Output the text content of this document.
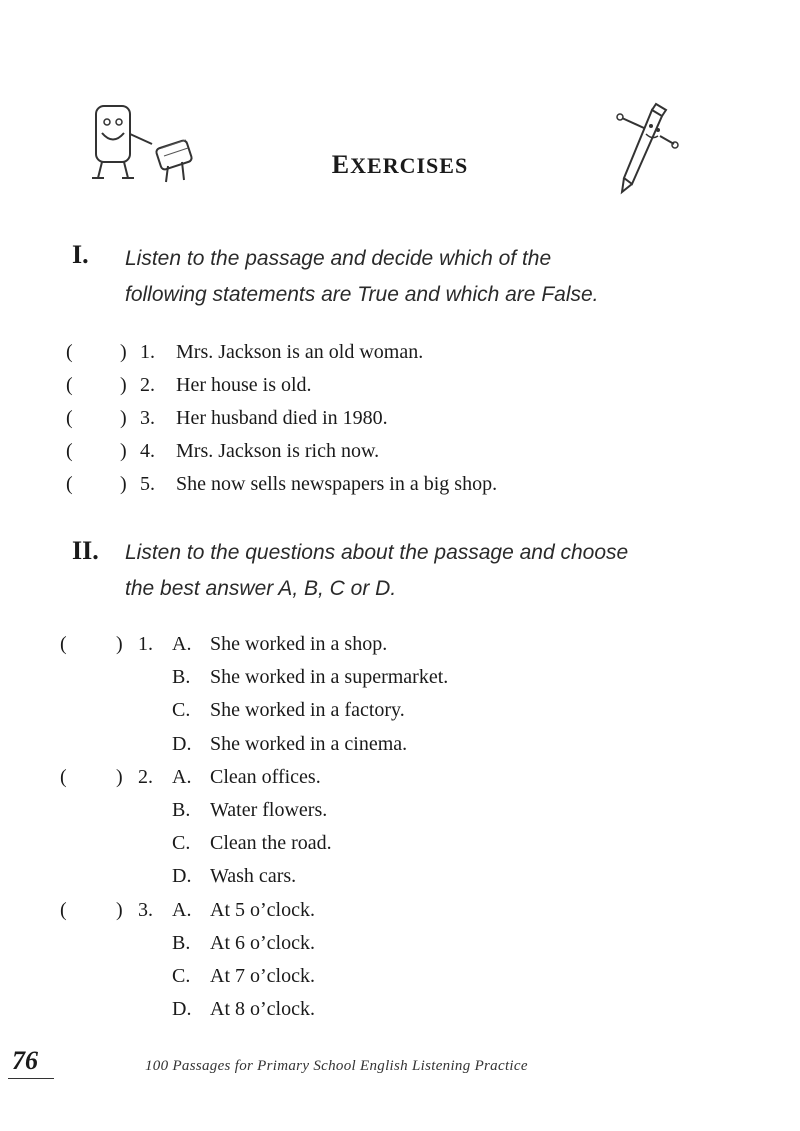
EXERCISES
I. Listen to the passage and decide which of the
following statements are True and which are False.
( ) 1. Mrs. Jackson is an old woman.
( ) 2. Her house is old.
( ) 3. Her husband died in 1980.
( ) 4. Mrs. Jackson is rich now.
( ) 5. She now sells newspapers in a big shop.
II. Listen to the questions about the passage and choose
the best answer A, B, C or D.
( ) 1. A. She worked in a shop.
B. She worked in a supermarket.
C. She worked in a factory.
D. She worked in a cinema.
( ) 2. A. Clean offices.
B. Water flowers.
C. Clean the road.
D. Wash cars.
( ) 3. A. At 5 o’clock.
B. At 6 o’clock.
C. At 7 o’clock.
D. At 8 o’clock.
76	100 Passages for Primary School English Listening Practice
